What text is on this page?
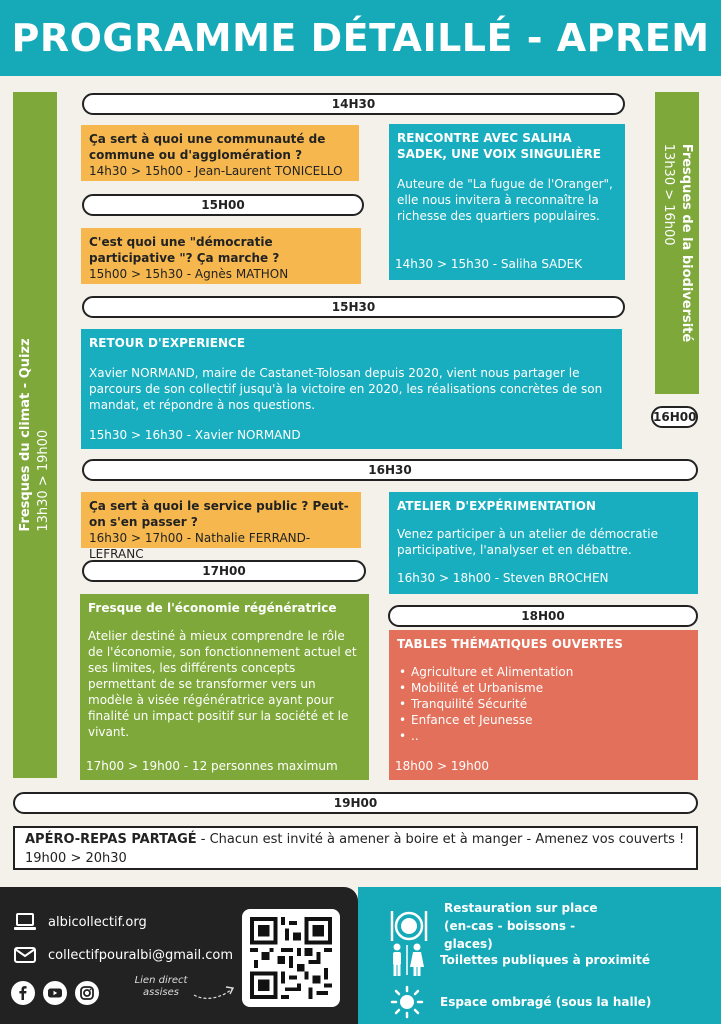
PROGRAMME DÉTAILLÉ - APREM
Fresques du climat - Quizz 13h30 > 19h00
Fresques de la biodiversité
13h30 > 16h00
14H30
15H00
15H30
16H00
16H30
17H00
18H00
19H00
Ça sert à quoi une communauté de commune ou d'agglomération ?
14h30 > 15h00 - Jean-Laurent TONICELLO
RENCONTRE AVEC SALIHA SADEK, UNE VOIX SINGULIÈRE
Auteure de "La fugue de l'Oranger", elle nous invitera à reconnaître la richesse des quartiers populaires.
14h30 > 15h30 - Saliha SADEK
C'est quoi une "démocratie participative "? Ça marche ?
15h00 > 15h30 - Agnès MATHON
RETOUR D'EXPERIENCE
Xavier NORMAND, maire de Castanet-Tolosan depuis 2020, vient nous partager le parcours de son collectif jusqu'à la victoire en 2020, les réalisations concrètes de son mandat, et répondre à nos questions.
15h30 > 16h30 - Xavier NORMAND
Ça sert à quoi le service public ? Peut-on s'en passer ?
16h30 > 17h00 - Nathalie FERRAND-LEFRANC
ATELIER D'EXPÉRIMENTATION
Venez participer à un atelier de démocratie participative, l'analyser et en débattre.
16h30 > 18h00 - Steven BROCHEN
Fresque de l'économie régénératrice
Atelier destiné à mieux comprendre le rôle de l'économie, son fonctionnement actuel et ses limites, les différents concepts permettant de se transformer vers un modèle à visée régénératrice ayant pour finalité un impact positif sur la société et le vivant.
17h00 > 19h00 - 12 personnes maximum
TABLES THÉMATIQUES OUVERTES
• Agriculture et Alimentation
• Mobilité et Urbanisme
• Tranquilité Sécurité
• Enfance et Jeunesse
• ..
18h00 > 19h00
APÉRO-REPAS PARTAGÉ - Chacun est invité à amener à boire et à manger - Amenez vos couverts !
19h00 > 20h30
albicollectif.org
collectifpouralbi@gmail.com
Lien direct assises
Restauration sur place (en-cas - boissons - glaces)
Toilettes publiques à proximité
Espace ombragé (sous la halle)
